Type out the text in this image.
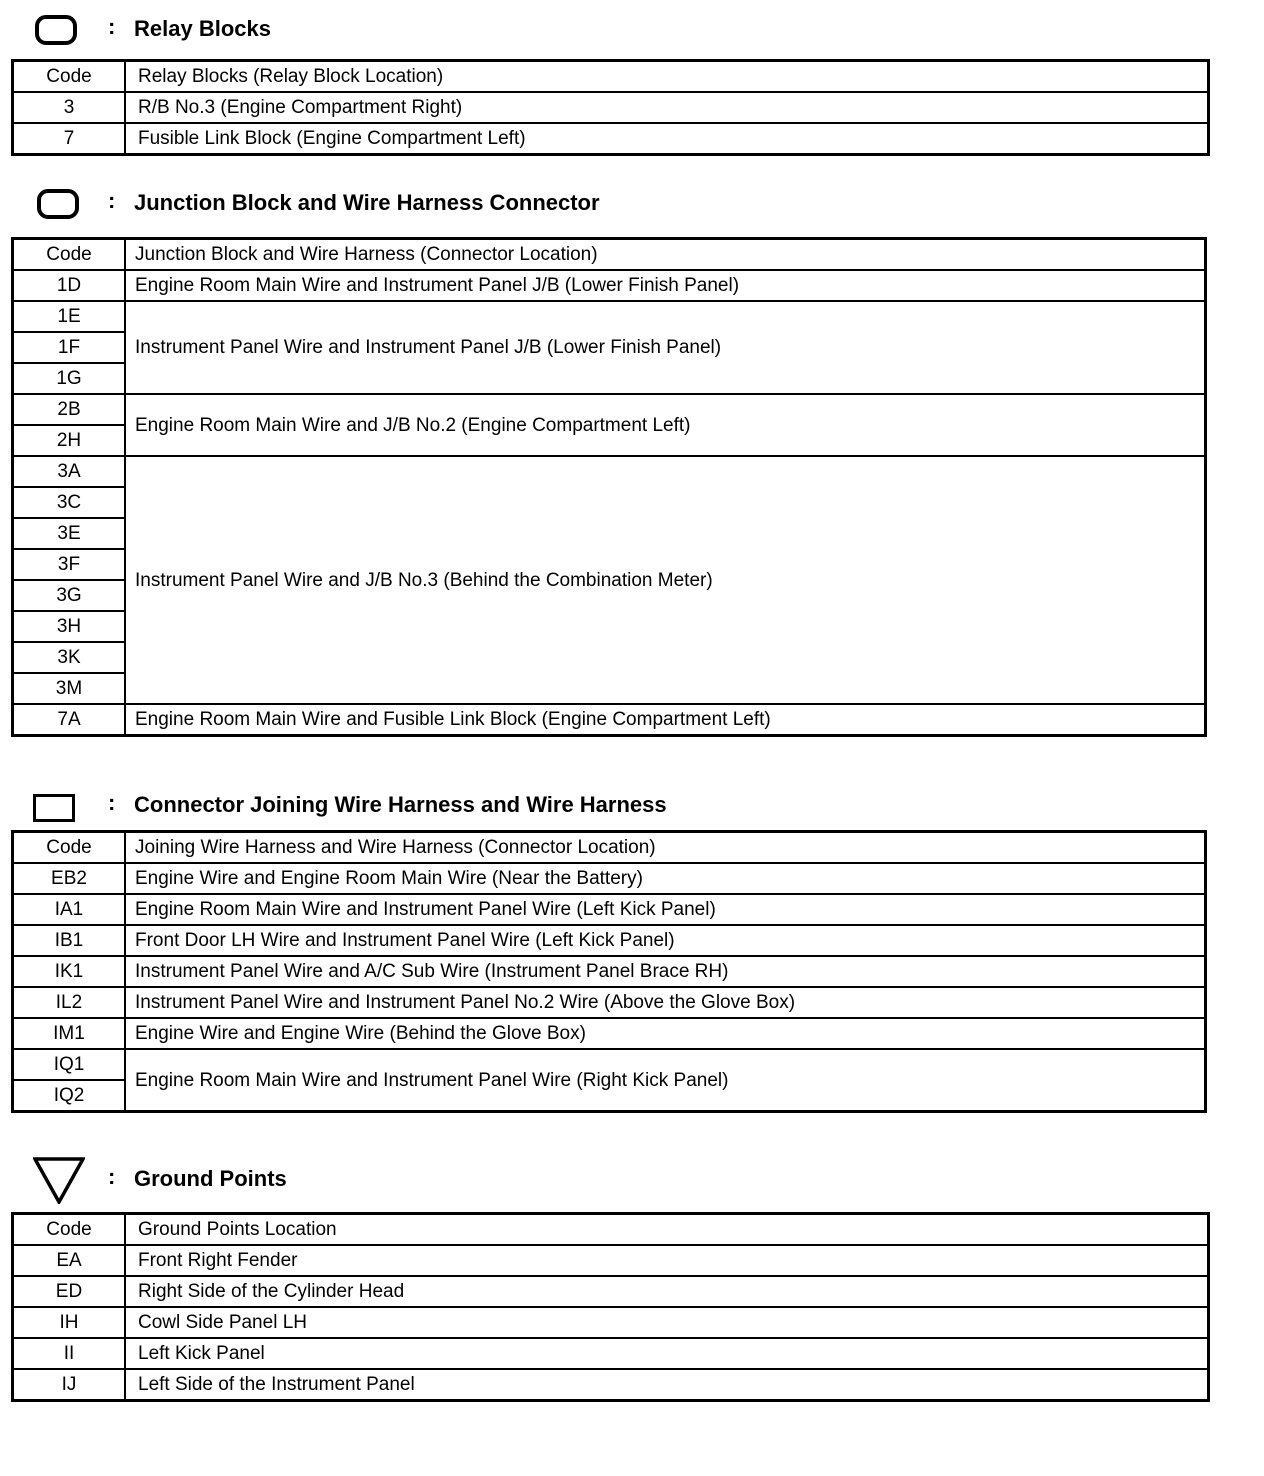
: Relay Blocks
Code	Relay Blocks (Relay Block Location)
3	R/B No.3 (Engine Compartment Right)
7	Fusible Link Block (Engine Compartment Left)
: Junction Block and Wire Harness Connector
Code	Junction Block and Wire Harness (Connector Location)
1D	Engine Room Main Wire and Instrument Panel J/B (Lower Finish Panel)
1E	Instrument Panel Wire and Instrument Panel J/B (Lower Finish Panel)
1F	
1G	
2B	Engine Room Main Wire and J/B No.2 (Engine Compartment Left)
2H	
3A	Instrument Panel Wire and J/B No.3 (Behind the Combination Meter)
3C	
3E	
3F	
3G	
3H	
3K	
3M	
7A	Engine Room Main Wire and Fusible Link Block (Engine Compartment Left)
: Connector Joining Wire Harness and Wire Harness
Code	Joining Wire Harness and Wire Harness (Connector Location)
EB2	Engine Wire and Engine Room Main Wire (Near the Battery)
IA1	Engine Room Main Wire and Instrument Panel Wire (Left Kick Panel)
IB1	Front Door LH Wire and Instrument Panel Wire (Left Kick Panel)
IK1	Instrument Panel Wire and A/C Sub Wire (Instrument Panel Brace RH)
IL2	Instrument Panel Wire and Instrument Panel No.2 Wire (Above the Glove Box)
IM1	Engine Wire and Engine Wire (Behind the Glove Box)
IQ1	Engine Room Main Wire and Instrument Panel Wire (Right Kick Panel)
IQ2	
: Ground Points
Code	Ground Points Location
EA	Front Right Fender
ED	Right Side of the Cylinder Head
IH	Cowl Side Panel LH
II	Left Kick Panel
IJ	Left Side of the Instrument Panel
